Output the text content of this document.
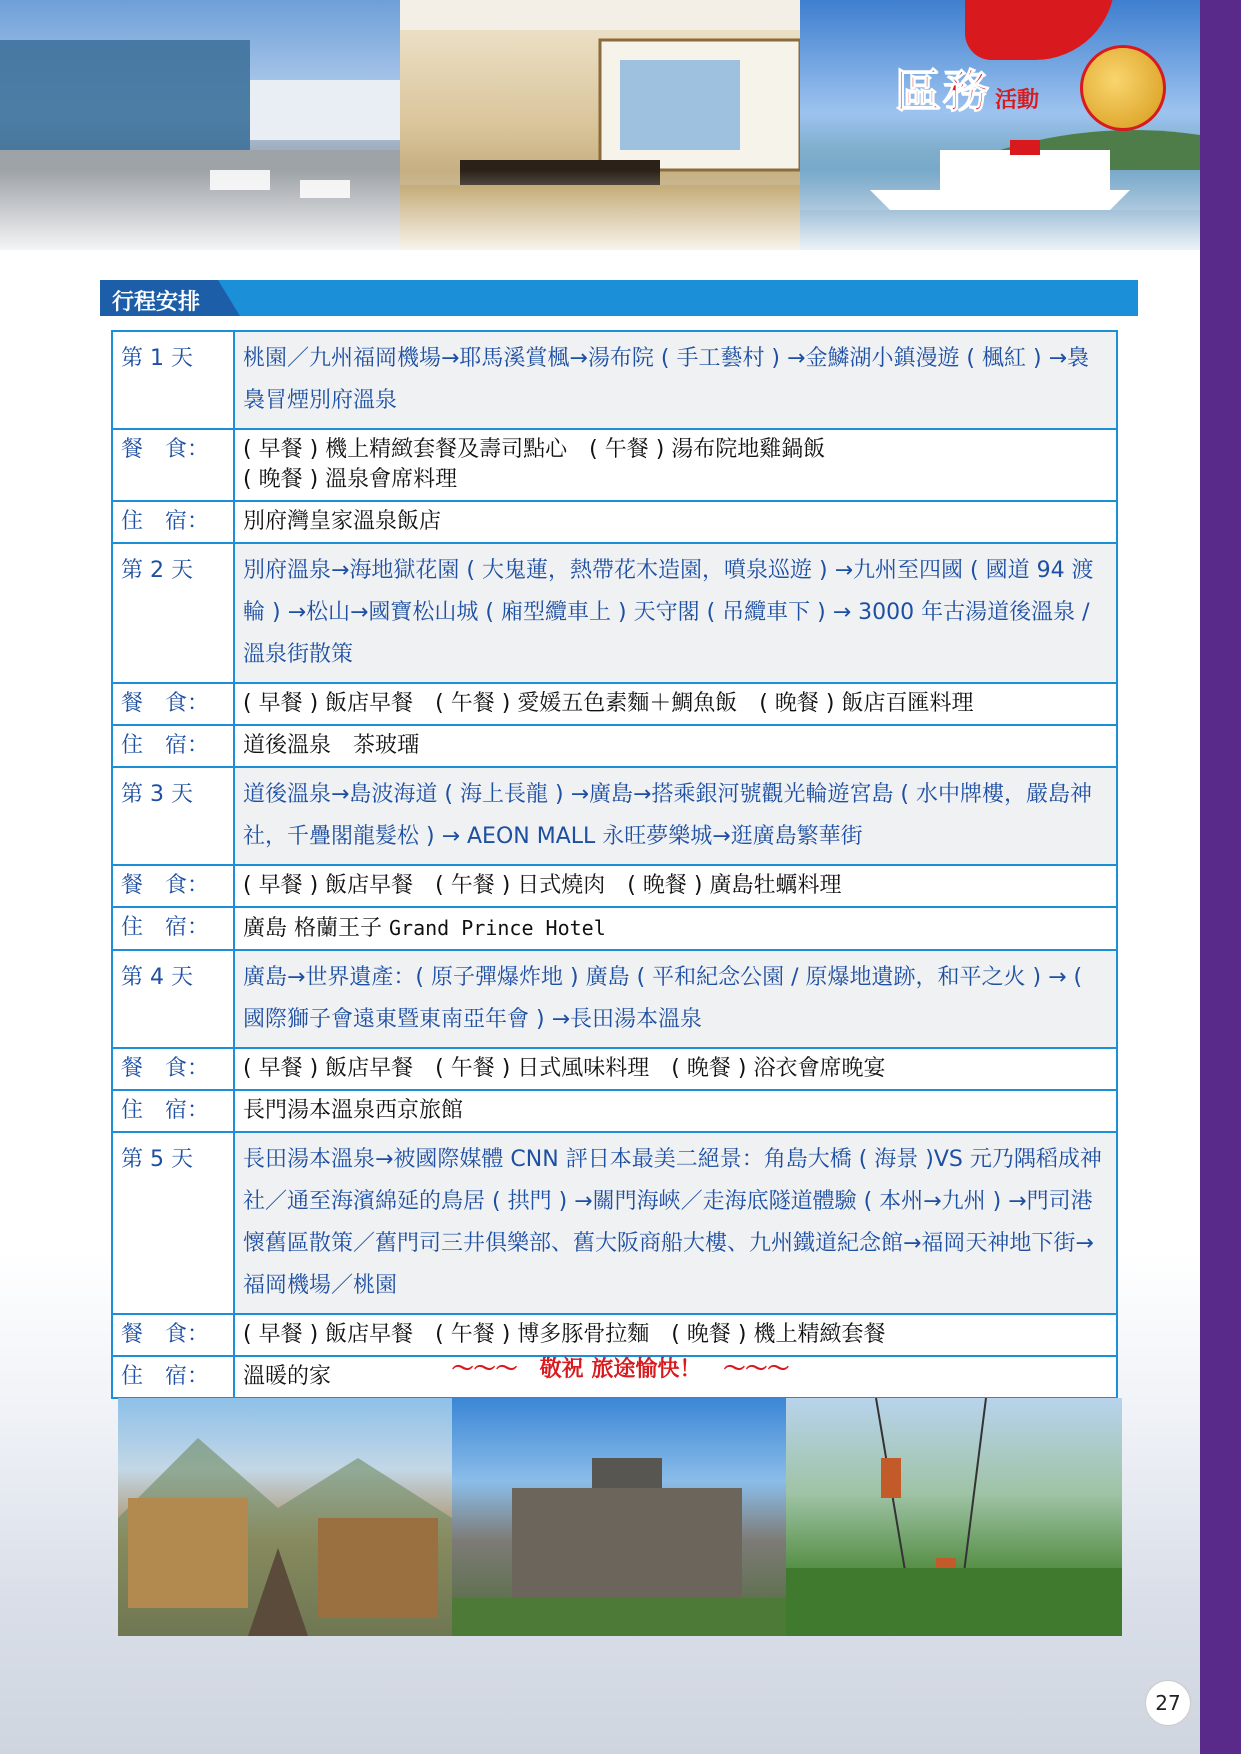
區務 活動
行程安排
第 1 天	桃園／九州福岡機場→耶馬溪賞楓→湯布院 ( 手工藝村 ) →金鱗湖小鎮漫遊 ( 楓紅 ) →裊裊冒煙別府溫泉
餐　食：	( 早餐 ) 機上精緻套餐及壽司點心　( 午餐 ) 湯布院地雞鍋飯
( 晚餐 ) 溫泉會席料理

住　宿：	別府灣皇家溫泉飯店
第 2 天	別府溫泉→海地獄花園 ( 大鬼蓮，熱帶花木造園，噴泉巡遊 ) →九州至四國 ( 國道 94 渡輪 ) →松山→國寶松山城 ( 廂型纜車上 ) 天守閣 ( 吊纜車下 ) → 3000 年古湯道後溫泉 / 溫泉街散策
餐　食：	( 早餐 ) 飯店早餐　( 午餐 ) 愛媛五色素麵＋鯛魚飯　( 晚餐 ) 飯店百匯料理

住　宿：	道後溫泉　茶玻璢
第 3 天	道後溫泉→島波海道 ( 海上長龍 ) →廣島→搭乘銀河號觀光輪遊宮島 ( 水中牌樓，嚴島神社，千疊閣龍髮松 ) → AEON MALL 永旺夢樂城→逛廣島繁華街
餐　食：	( 早餐 ) 飯店早餐　( 午餐 ) 日式燒肉　( 晚餐 ) 廣島牡蠣料理

住　宿：	廣島 格蘭王子 Grand Prince Hotel
第 4 天	廣島→世界遺產：( 原子彈爆炸地 ) 廣島 ( 平和紀念公園 / 原爆地遺跡，和平之火 ) → ( 國際獅子會遠東暨東南亞年會 ) →長田湯本溫泉
餐　食：	( 早餐 ) 飯店早餐　( 午餐 ) 日式風味料理　( 晚餐 ) 浴衣會席晚宴

住　宿：	長門湯本溫泉西京旅館
第 5 天	長田湯本溫泉→被國際媒體 CNN 評日本最美二絕景：角島大橋 ( 海景 )VS 元乃隅稻成神社／通至海濱綿延的鳥居 ( 拱門 ) →關門海峽／走海底隧道體驗 ( 本州→九州 ) →門司港懷舊區散策／舊門司三井俱樂部、舊大阪商船大樓、九州鐵道紀念館→福岡天神地下街→福岡機場／桃園
餐　食：	( 早餐 ) 飯店早餐　( 午餐 ) 博多豚骨拉麵　( 晚餐 ) 機上精緻套餐

住　宿：	溫暖的家	〜〜〜　敬祝 旅途愉快！　〜〜〜
27
